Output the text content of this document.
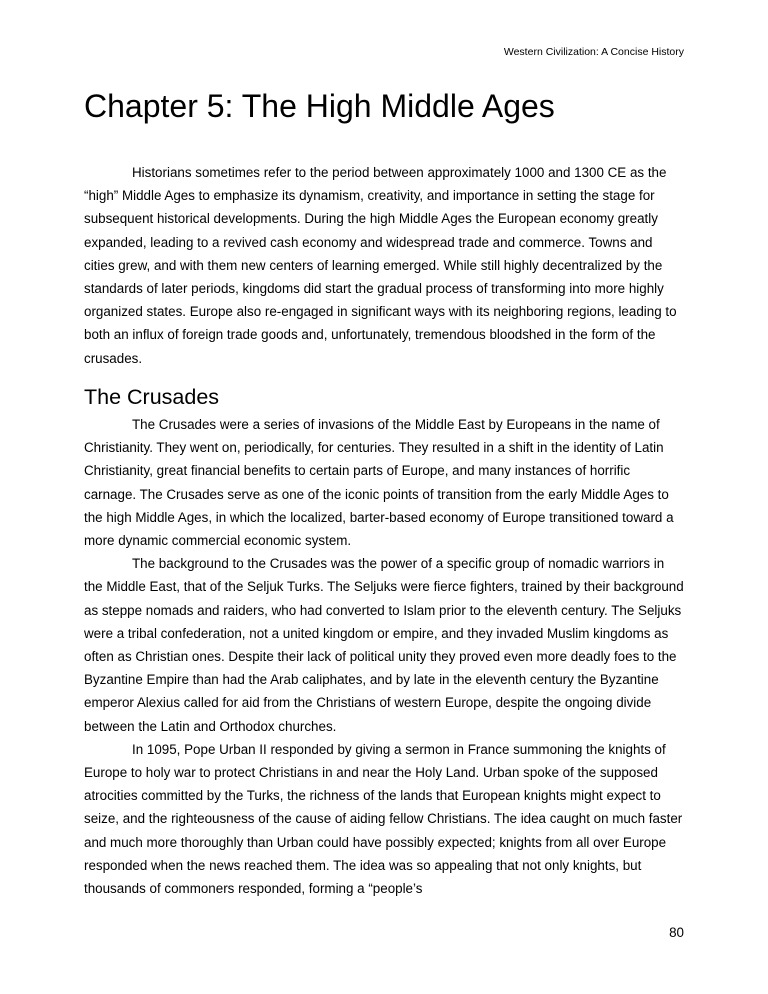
Western Civilization: A Concise History
Chapter 5: The High Middle Ages

Historians sometimes refer to the period between approximately 1000 and 1300 CE as the “high” Middle Ages to emphasize its dynamism, creativity, and importance in setting the stage for subsequent historical developments. During the high Middle Ages the European economy greatly expanded, leading to a revived cash economy and widespread trade and commerce. Towns and cities grew, and with them new centers of learning emerged. While still highly decentralized by the standards of later periods, kingdoms did start the gradual process of transforming into more highly organized states. Europe also re-engaged in significant ways with its neighboring regions, leading to both an influx of foreign trade goods and, unfortunately, tremendous bloodshed in the form of the crusades.

The Crusades

The Crusades were a series of invasions of the Middle East by Europeans in the name of Christianity. They went on, periodically, for centuries. They resulted in a shift in the identity of Latin Christianity, great financial benefits to certain parts of Europe, and many instances of horrific carnage. The Crusades serve as one of the iconic points of transition from the early Middle Ages to the high Middle Ages, in which the localized, barter-based economy of Europe transitioned toward a more dynamic commercial economic system.

The background to the Crusades was the power of a specific group of nomadic warriors in the Middle East, that of the Seljuk Turks. The Seljuks were fierce fighters, trained by their background as steppe nomads and raiders, who had converted to Islam prior to the eleventh century. The Seljuks were a tribal confederation, not a united kingdom or empire, and they invaded Muslim kingdoms as often as Christian ones. Despite their lack of political unity they proved even more deadly foes to the Byzantine Empire than had the Arab caliphates, and by late in the eleventh century the Byzantine emperor Alexius called for aid from the Christians of western Europe, despite the ongoing divide between the Latin and Orthodox churches.

In 1095, Pope Urban II responded by giving a sermon in France summoning the knights of Europe to holy war to protect Christians in and near the Holy Land. Urban spoke of the supposed atrocities committed by the Turks, the richness of the lands that European knights might expect to seize, and the righteousness of the cause of aiding fellow Christians. The idea caught on much faster and much more thoroughly than Urban could have possibly expected; knights from all over Europe responded when the news reached them. The idea was so appealing that not only knights, but thousands of commoners responded, forming a “people’s

80
